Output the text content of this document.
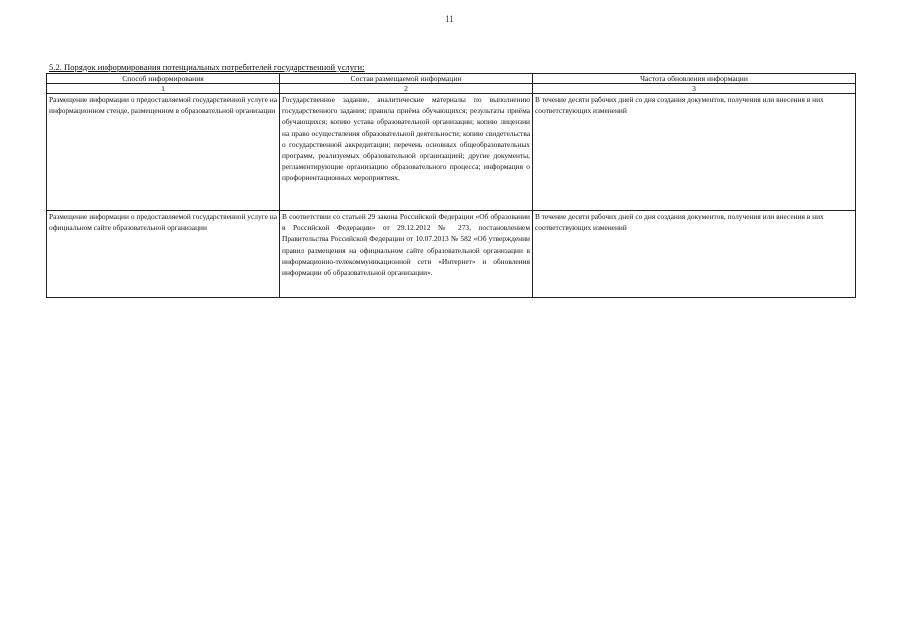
11
5.2. Порядок информирования потенциальных потребителей государственной услуги:
Способ информирования	Состав размещаемой информации	Частота обновления информации
1	2	3
Размещение информации о предоставляемой государственной услуге на информационном стенде, размещенном в образовательной организации	Государственное задание, аналитические материалы по выполнению государственного задания; правила приёма обучающихся; результаты приёма обучающихся; копию устава образовательной организации; копию лицензии на право осуществления образовательной деятельности; копию свидетельства о государственной аккредитации; перечень основных общеобразовательных программ, реализуемых образовательной организацией; другие документы, регламентирующие организацию образовательного процесса; информация о профориентационных мероприятиях.	В течение десяти рабочих дней со дня создания документов, получения или внесения в них соответствующих изменений
Размещение информации о предоставляемой государственной услуге на официальном сайте образовательной организации	В соответствии со статьей 29 закона Российской Федерации «Об образовании в Российской Федерации» от 29.12.2012 № 273, постановлением Правительства Российской Федерации от 10.07.2013 № 582 «Об утверждении правил размещения на официальном сайте образовательной организации в информационно-телекоммуникационной сети «Интернет» и обновления информации об образовательной организации».	В течение десяти рабочих дней со дня создания документов, получения или внесения в них соответствующих изменений
